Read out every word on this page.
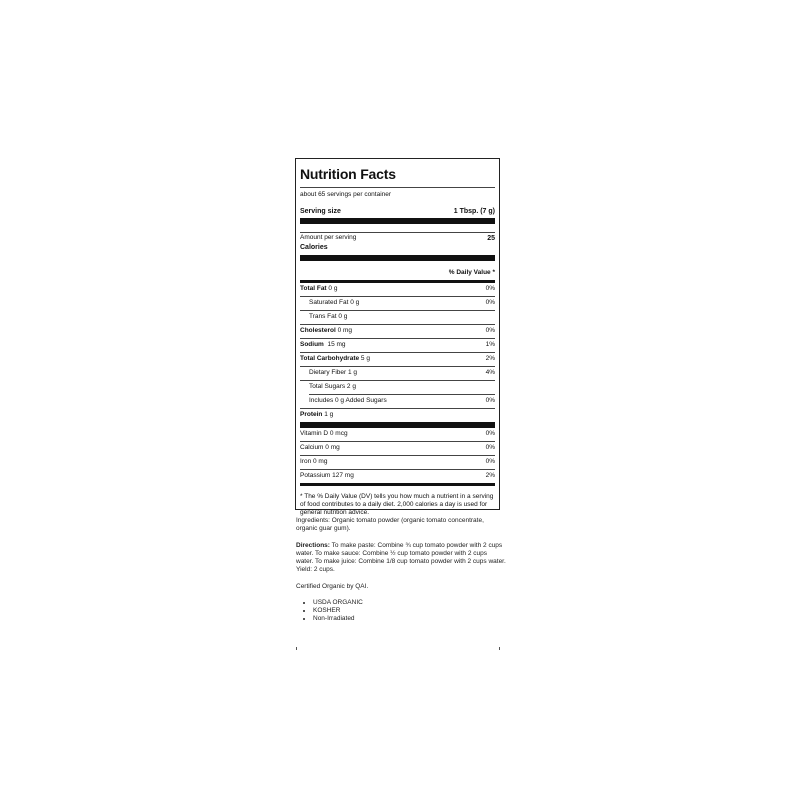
Nutrition Facts
about 65 servings per container
Serving size	1 Tbsp. (7 g)
Amount per serving	25
Calories
% Daily Value *
Total Fat 0 g	0%
Saturated Fat 0 g	0%
Trans Fat 0 g
Cholesterol 0 mg	0%
Sodium  15 mg	1%
Total Carbohydrate 5 g	2%
Dietary Fiber 1 g	4%
Total Sugars 2 g
Includes 0 g Added Sugars	0%
Protein 1 g
Vitamin D 0 mcg	0%
Calcium 0 mg	0%
Iron 0 mg	0%
Potassium 127 mg	2%
* The % Daily Value (DV) tells you how much a nutrient in a serving of food contributes to a daily diet. 2,000 calories a day is used for general nutrition advice.

Ingredients: Organic tomato powder (organic tomato concentrate, organic guar gum).

Directions: To make paste: Combine ¾ cup tomato powder with 2 cups water. To make sauce: Combine ½ cup tomato powder with 2 cups water. To make juice: Combine 1/8 cup tomato powder with 2 cups water. Yield: 2 cups.

Certified Organic by QAI.

• USDA ORGANIC
• KOSHER
• Non-Irradiated
